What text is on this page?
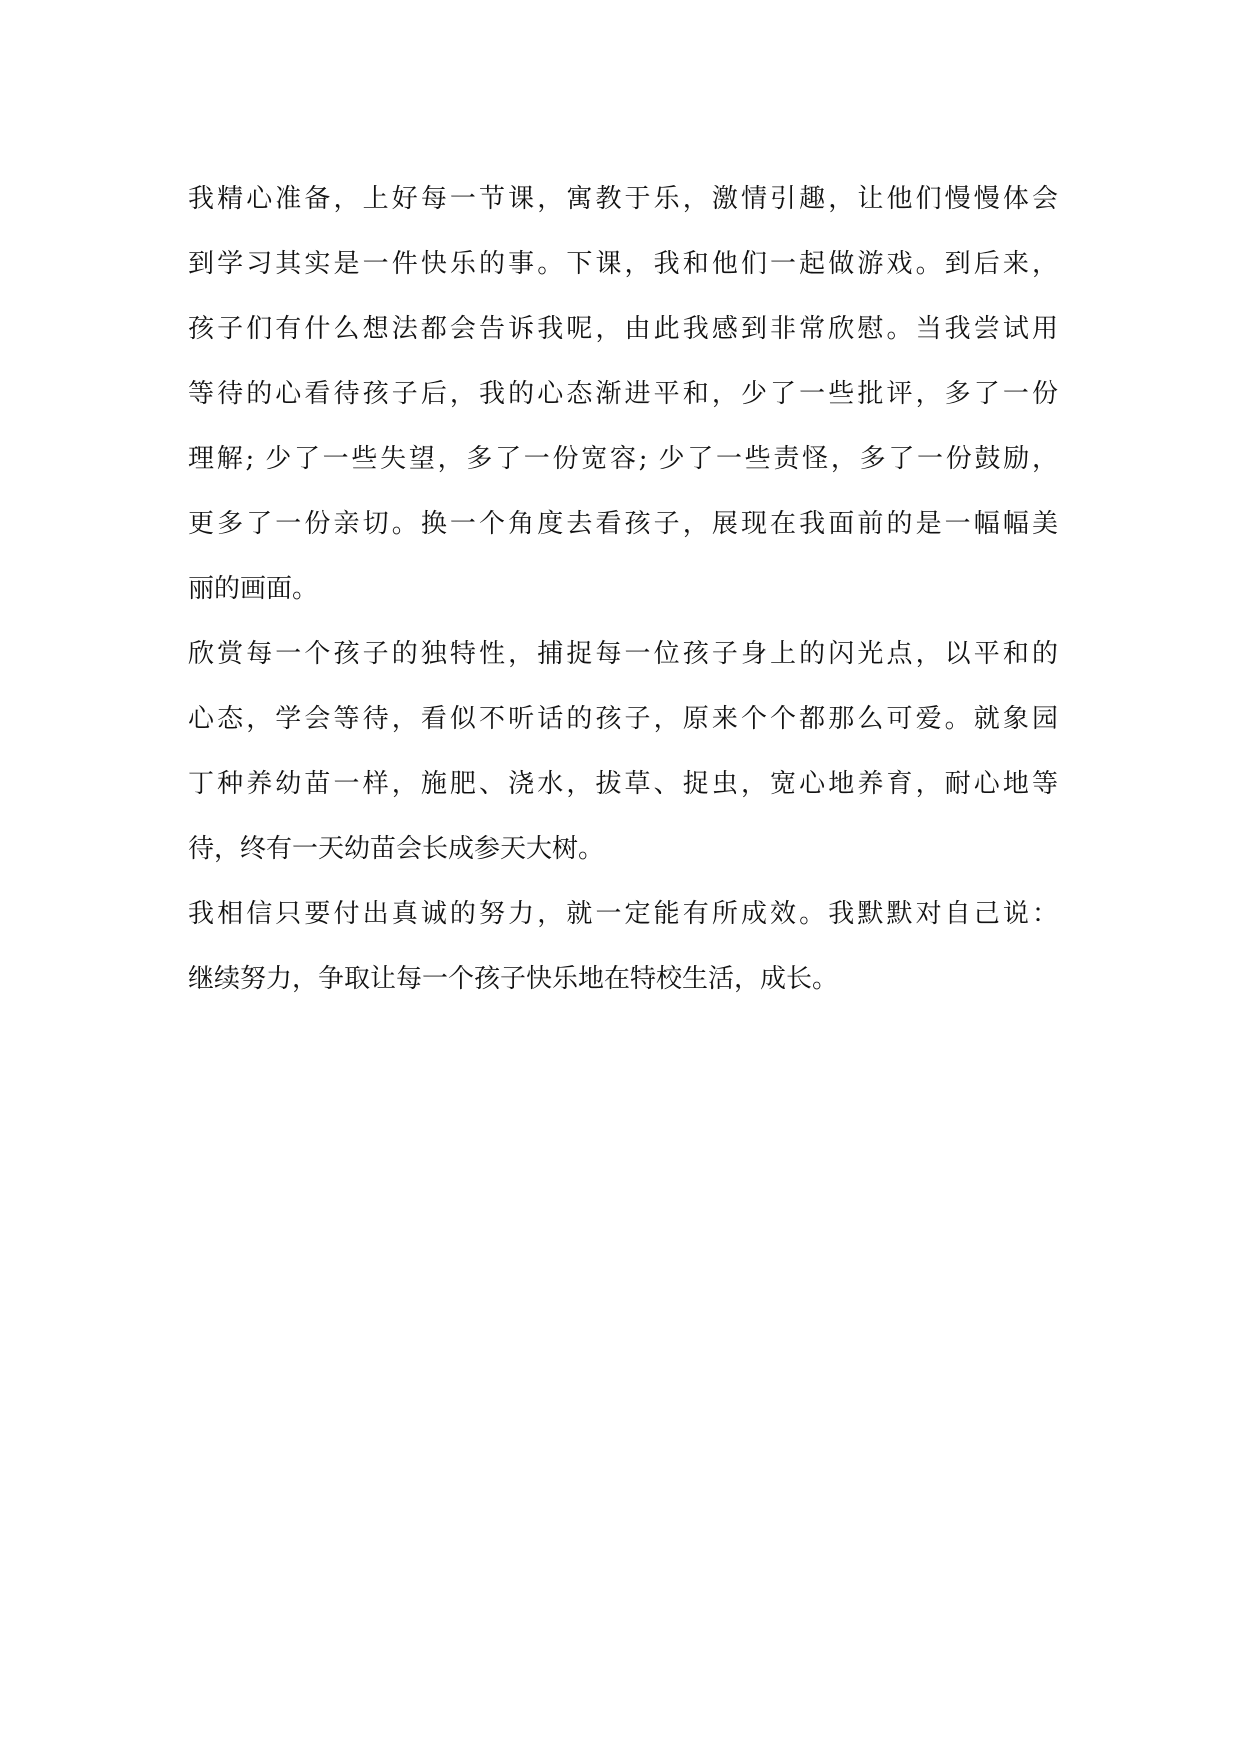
我精心准备，上好每一节课，寓教于乐，激情引趣，让他们慢慢体会

到学习其实是一件快乐的事。下课，我和他们一起做游戏。到后来，

孩子们有什么想法都会告诉我呢，由此我感到非常欣慰。当我尝试用

等待的心看待孩子后，我的心态渐进平和，少了一些批评，多了一份

理解; 少了一些失望，多了一份宽容; 少了一些责怪，多了一份鼓励，

更多了一份亲切。换一个角度去看孩子，展现在我面前的是一幅幅美

丽的画面。

欣赏每一个孩子的独特性，捕捉每一位孩子身上的闪光点，以平和的

心态，学会等待，看似不听话的孩子，原来个个都那么可爱。就象园

丁种养幼苗一样，施肥、浇水，拔草、捉虫，宽心地养育，耐心地等

待，终有一天幼苗会长成参天大树。

我相信只要付出真诚的努力，就一定能有所成效。我默默对自己说：

继续努力，争取让每一个孩子快乐地在特校生活，成长。
